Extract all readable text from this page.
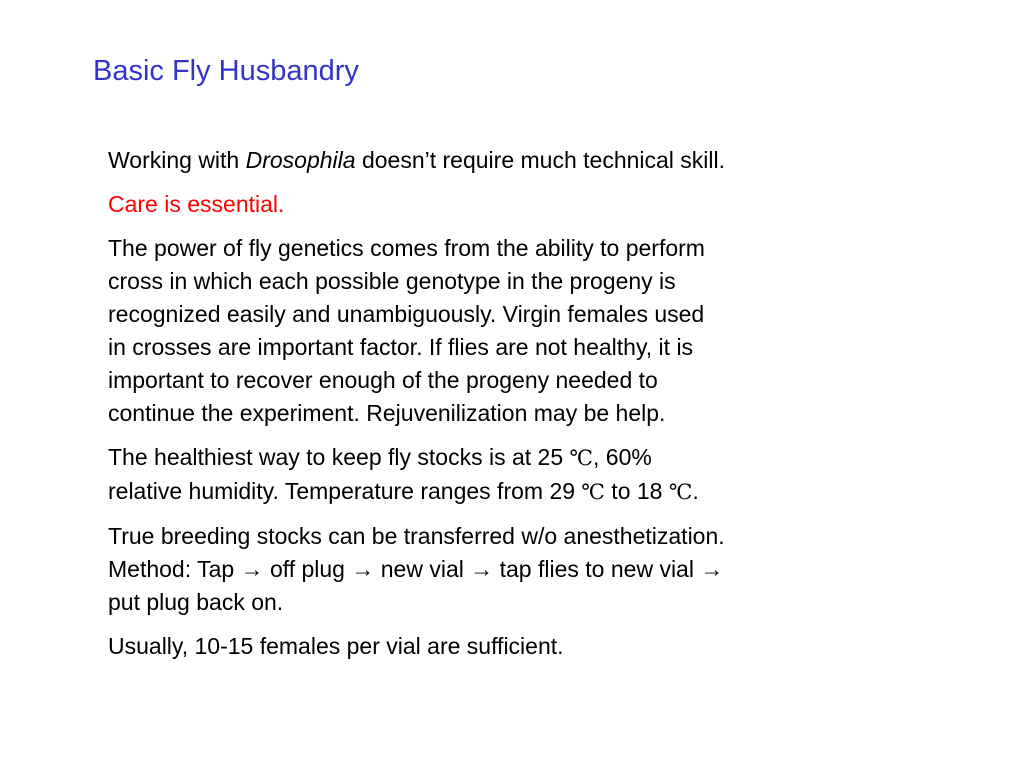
Basic Fly Husbandry

Working with Drosophila doesn’t require much technical skill.

Care is essential.

The power of fly genetics comes from the ability to perform
cross in which each possible genotype in the progeny is
recognized easily and unambiguously. Virgin females used
in crosses are important factor. If flies are not healthy, it is
important to recover enough of the progeny needed to
continue the experiment. Rejuvenilization may be help.

The healthiest way to keep fly stocks is at 25 ℃, 60%
relative humidity. Temperature ranges from 29 ℃ to 18 ℃.

True breeding stocks can be transferred w/o anesthetization.
Method: Tap → off plug → new vial → tap flies to new vial →
put plug back on.

Usually, 10-15 females per vial are sufficient.
